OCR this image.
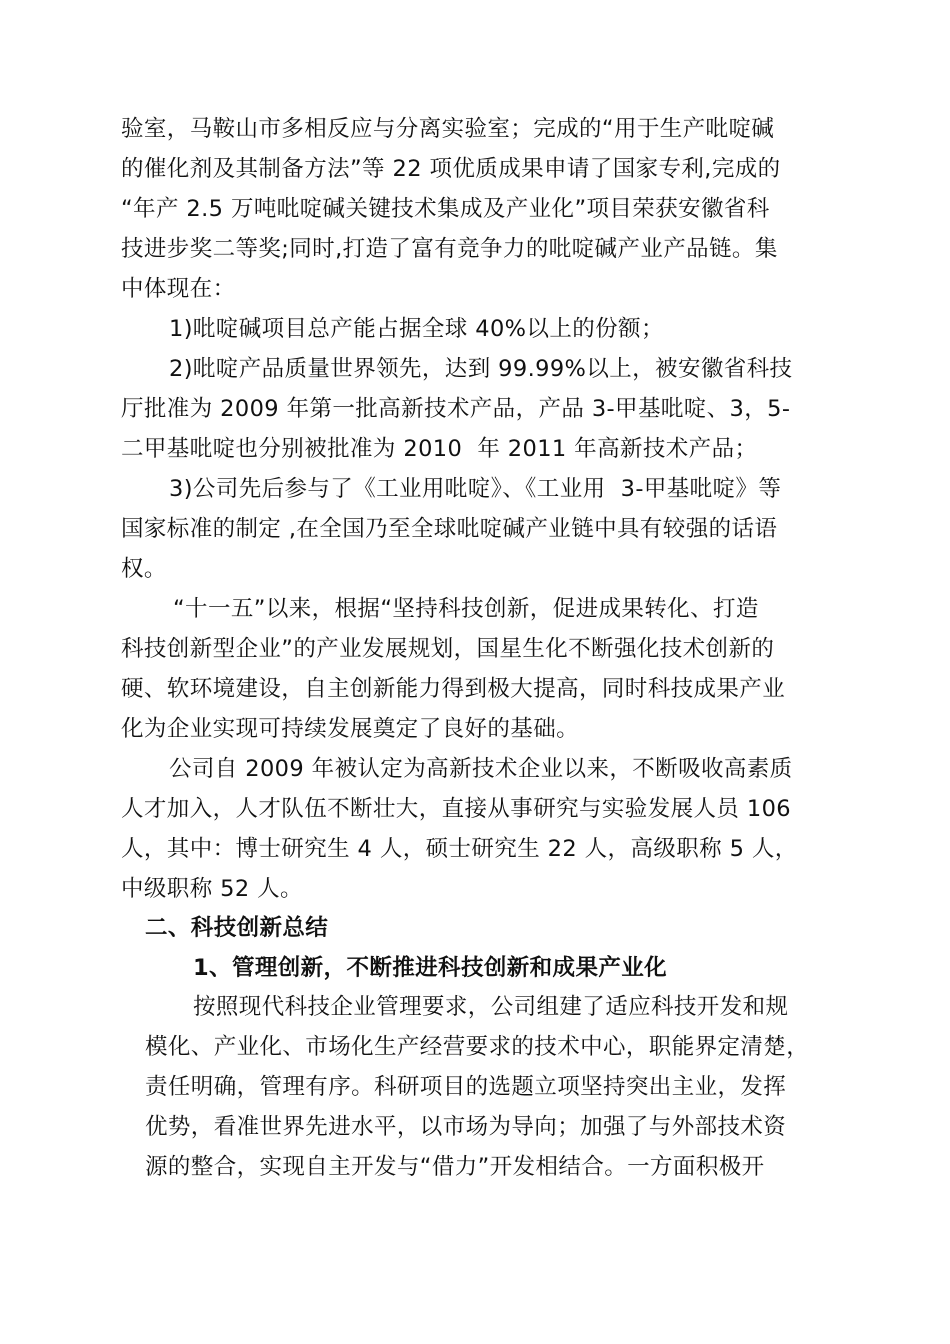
验室，马鞍山市多相反应与分离实验室；完成的“用于生产吡啶碱
的催化剂及其制备方法”等 22 项优质成果申请了国家专利,完成的
“年产 2.5 万吨吡啶碱关键技术集成及产业化”项目荣获安徽省科
技进步奖二等奖;同时,打造了富有竞争力的吡啶碱产业产品链。集
中体现在：
1)吡啶碱项目总产能占据全球 40%以上的份额；
2)吡啶产品质量世界领先，达到 99.99%以上，被安徽省科技
厅批准为 2009 年第一批高新技术产品，产品 3-甲基吡啶、3，5-
二甲基吡啶也分别被批准为 2010  年 2011 年高新技术产品；
3)公司先后参与了《工业用吡啶》、《工业用  3-甲基吡啶》等
国家标准的制定 ,在全国乃至全球吡啶碱产业链中具有较强的话语
权。
“十一五”以来，根据“坚持科技创新，促进成果转化、打造
科技创新型企业”的产业发展规划，国星生化不断强化技术创新的
硬、软环境建设，自主创新能力得到极大提高，同时科技成果产业
化为企业实现可持续发展奠定了良好的基础。
公司自 2009 年被认定为高新技术企业以来，不断吸收高素质
人才加入，人才队伍不断壮大，直接从事研究与实验发展人员 106
人，其中：博士研究生 4 人，硕士研究生 22 人，高级职称 5 人，
中级职称 52 人。
二、科技创新总结
1、管理创新，不断推进科技创新和成果产业化
按照现代科技企业管理要求，公司组建了适应科技开发和规
模化、产业化、市场化生产经营要求的技术中心，职能界定清楚，
责任明确，管理有序。科研项目的选题立项坚持突出主业，发挥
优势，看准世界先进水平，以市场为导向；加强了与外部技术资
源的整合，实现自主开发与“借力”开发相结合。一方面积极开
